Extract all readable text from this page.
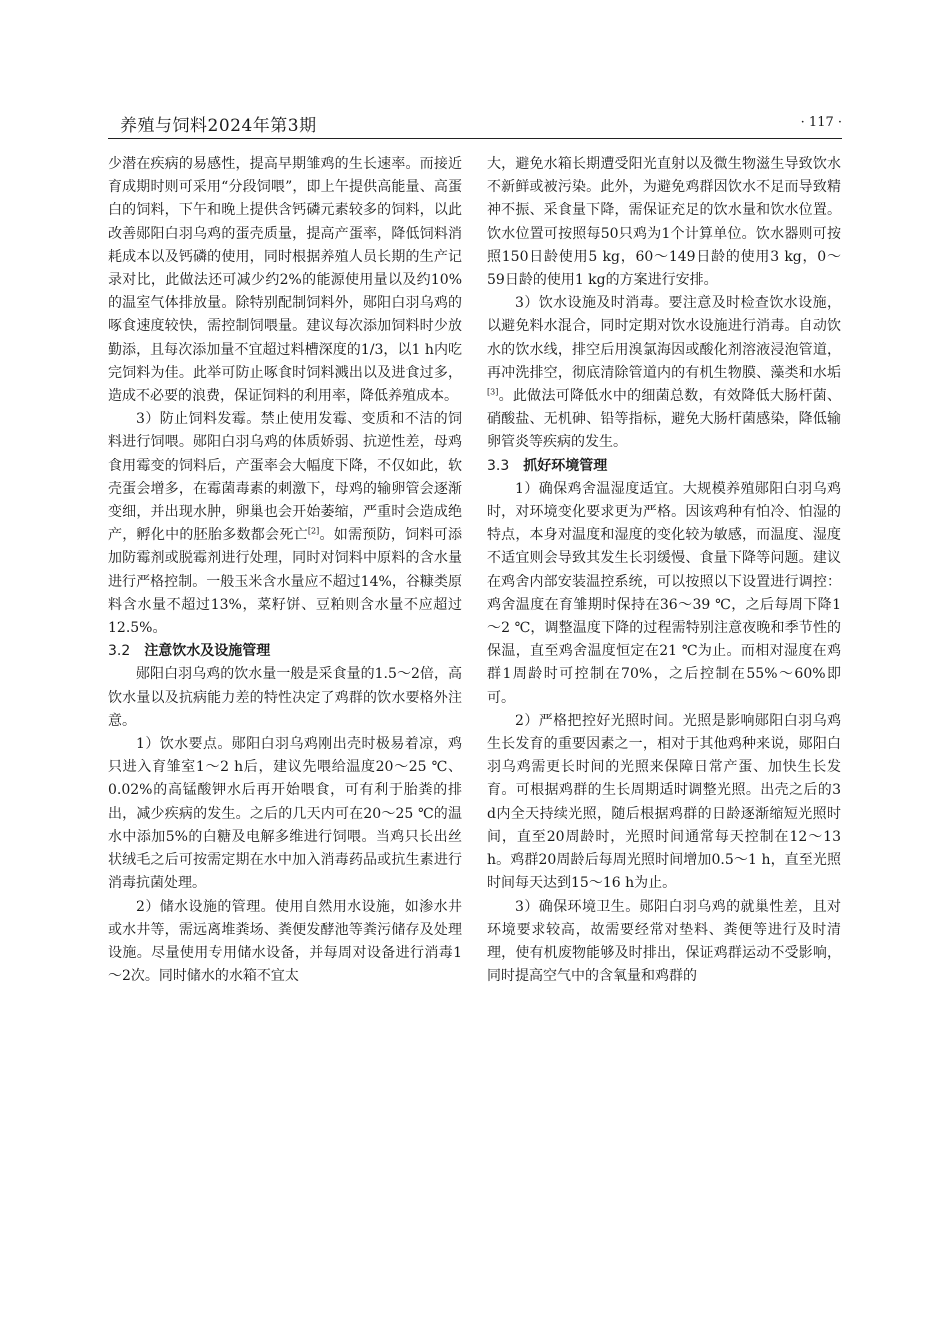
养殖与饲料2024年第3期	· 117 ·

少潜在疾病的易感性，提高早期雏鸡的生长速率。而接近育成期时则可采用“分段饲喂”，即上午提供高能量、高蛋白的饲料，下午和晚上提供含钙磷元素较多的饲料，以此改善郧阳白羽乌鸡的蛋壳质量，提高产蛋率，降低饲料消耗成本以及钙磷的使用，同时根据养殖人员长期的生产记录对比，此做法还可减少约2%的能源使用量以及约10%的温室气体排放量。除特别配制饲料外，郧阳白羽乌鸡的啄食速度较快，需控制饲喂量。建议每次添加饲料时少放勤添，且每次添加量不宜超过料槽深度的1/3，以1 h内吃完饲料为佳。此举可防止啄食时饲料溅出以及进食过多，造成不必要的浪费，保证饲料的利用率，降低养殖成本。

3）防止饲料发霉。禁止使用发霉、变质和不洁的饲料进行饲喂。郧阳白羽乌鸡的体质娇弱、抗逆性差，母鸡食用霉变的饲料后，产蛋率会大幅度下降，不仅如此，软壳蛋会增多，在霉菌毒素的刺激下，母鸡的输卵管会逐渐变细，并出现水肿，卵巢也会开始萎缩，严重时会造成绝产，孵化中的胚胎多数都会死亡[2]。如需预防，饲料可添加防霉剂或脱霉剂进行处理，同时对饲料中原料的含水量进行严格控制。一般玉米含水量应不超过14%，谷糠类原料含水量不超过13%，菜籽饼、豆粕则含水量不应超过12.5%。

3.2 注意饮水及设施管理

郧阳白羽乌鸡的饮水量一般是采食量的1.5～2倍，高饮水量以及抗病能力差的特性决定了鸡群的饮水要格外注意。

1）饮水要点。郧阳白羽乌鸡刚出壳时极易着凉，鸡只进入育雏室1～2 h后，建议先喂给温度20～25 ℃、0.02%的高锰酸钾水后再开始喂食，可有利于胎粪的排出，减少疾病的发生。之后的几天内可在20～25 ℃的温水中添加5%的白糖及电解多维进行饲喂。当鸡只长出丝状绒毛之后可按需定期在水中加入消毒药品或抗生素进行消毒抗菌处理。

2）储水设施的管理。使用自然用水设施，如渗水井或水井等，需远离堆粪场、粪便发酵池等粪污储存及处理设施。尽量使用专用储水设备，并每周对设备进行消毒1～2次。同时储水的水箱不宜太

大，避免水箱长期遭受阳光直射以及微生物滋生导致饮水不新鲜或被污染。此外，为避免鸡群因饮水不足而导致精神不振、采食量下降，需保证充足的饮水量和饮水位置。饮水位置可按照每50只鸡为1个计算单位。饮水器则可按照150日龄使用5 kg，60～149日龄的使用3 kg，0～59日龄的使用1 kg的方案进行安排。

3）饮水设施及时消毒。要注意及时检查饮水设施，以避免料水混合，同时定期对饮水设施进行消毒。自动饮水的饮水线，排空后用溴氯海因或酸化剂溶液浸泡管道，再冲洗排空，彻底清除管道内的有机生物膜、藻类和水垢[3]。此做法可降低水中的细菌总数，有效降低大肠杆菌、硝酸盐、无机砷、铅等指标，避免大肠杆菌感染，降低输卵管炎等疾病的发生。

3.3 抓好环境管理

1）确保鸡舍温湿度适宜。大规模养殖郧阳白羽乌鸡时，对环境变化要求更为严格。因该鸡种有怕冷、怕湿的特点，本身对温度和湿度的变化较为敏感，而温度、湿度不适宜则会导致其发生长羽缓慢、食量下降等问题。建议在鸡舍内部安装温控系统，可以按照以下设置进行调控：鸡舍温度在育雏期时保持在36～39 ℃，之后每周下降1～2 ℃，调整温度下降的过程需特别注意夜晚和季节性的保温，直至鸡舍温度恒定在21 ℃为止。而相对湿度在鸡群1周龄时可控制在70%，之后控制在55%～60%即可。

2）严格把控好光照时间。光照是影响郧阳白羽乌鸡生长发育的重要因素之一，相对于其他鸡种来说，郧阳白羽乌鸡需更长时间的光照来保障日常产蛋、加快生长发育。可根据鸡群的生长周期适时调整光照。出壳之后的3 d内全天持续光照，随后根据鸡群的日龄逐渐缩短光照时间，直至20周龄时，光照时间通常每天控制在12～13 h。鸡群20周龄后每周光照时间增加0.5～1 h，直至光照时间每天达到15～16 h为止。

3）确保环境卫生。郧阳白羽乌鸡的就巢性差，且对环境要求较高，故需要经常对垫料、粪便等进行及时清理，使有机废物能够及时排出，保证鸡群运动不受影响，同时提高空气中的含氧量和鸡群的
